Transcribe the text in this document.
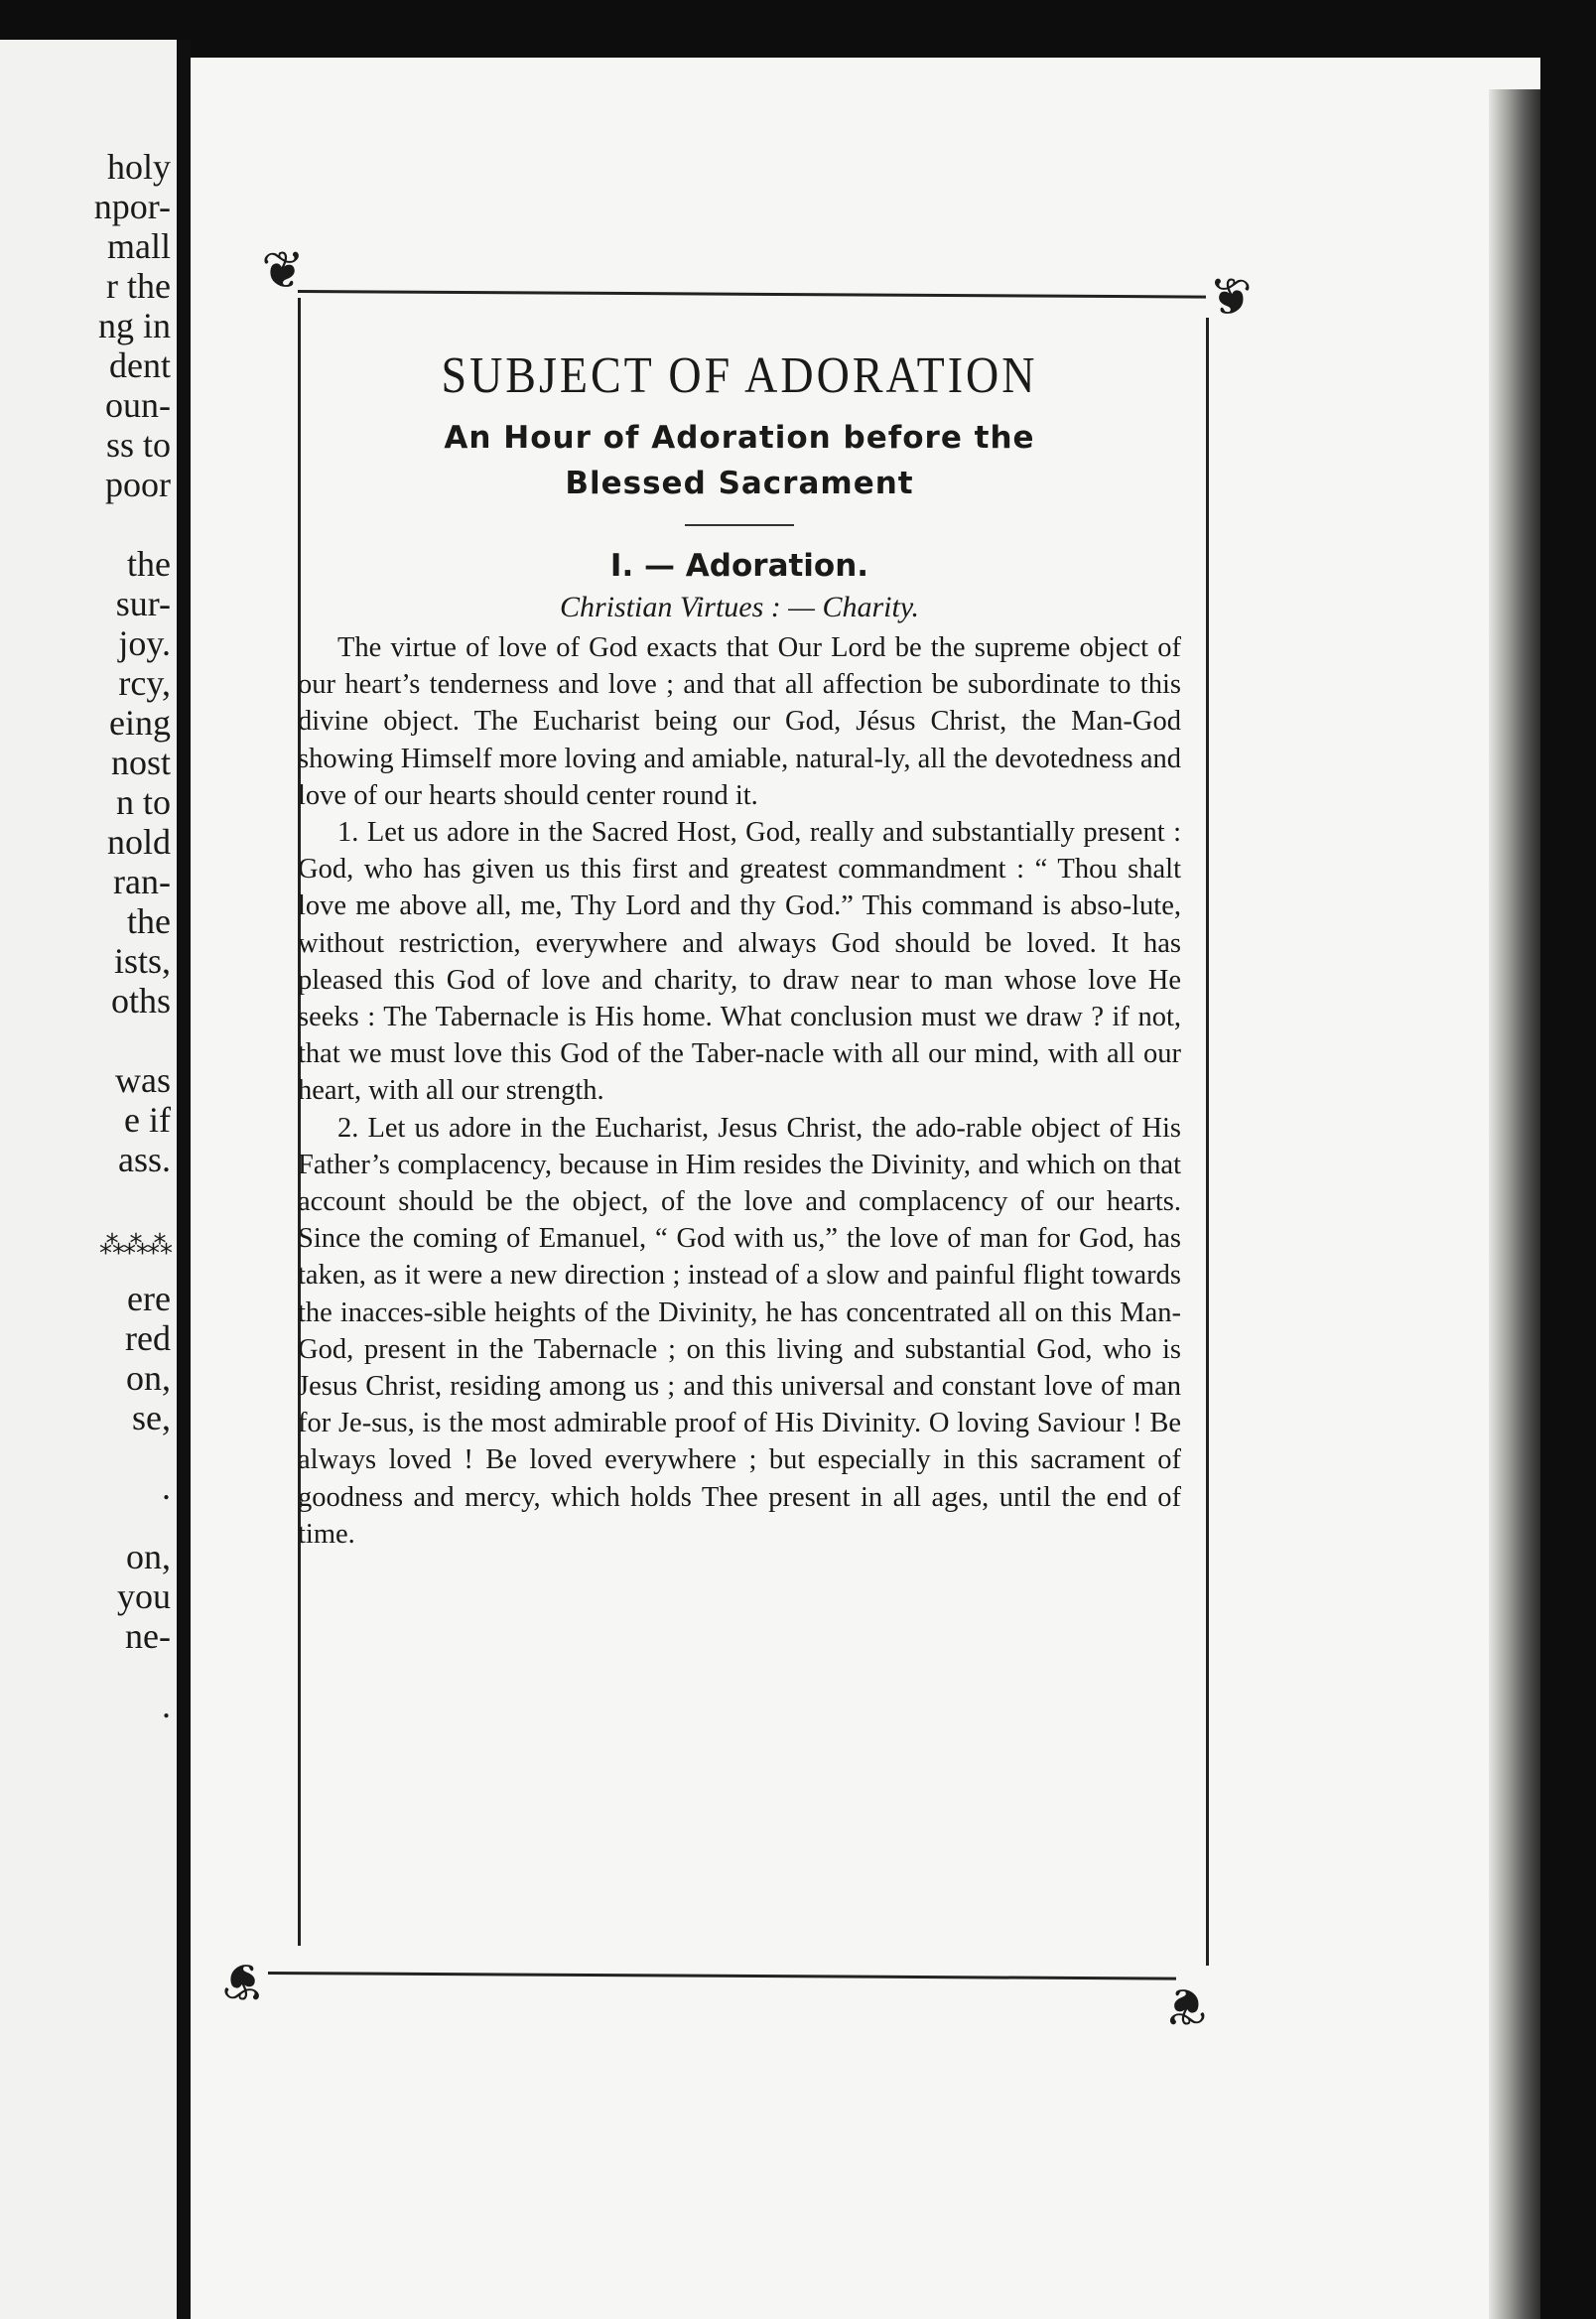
holy
npor-
mall
r the
ng in
dent
oun-
ss to
poor
the
sur-
joy.
rcy,
eing
nost
n to
nold
ran-
the
ists,
oths
was
e if
ass.
ere
red
on,
se,
.
on,
you
ne-
.
⁂⁂⁂
❦	❦
❦	❦
SUBJECT OF ADORATION
An Hour of Adoration before the
Blessed Sacrament
I. — Adoration.
Christian Virtues : — Charity.

The virtue of love of God exacts that Our Lord be the supreme object of our heart’s tenderness and love ; and that all affection be subordinate to this divine object. The Eucharist being our God, Jésus Christ, the Man-God showing Himself more loving and amiable, natural-ly, all the devotedness and love of our hearts should center round it.

1. Let us adore in the Sacred Host, God, really and substantially present : God, who has given us this first and greatest commandment : “ Thou shalt love me above all, me, Thy Lord and thy God.” This command is abso-lute, without restriction, everywhere and always God should be loved. It has pleased this God of love and charity, to draw near to man whose love He seeks : The Tabernacle is His home. What conclusion must we draw ? if not, that we must love this God of the Taber-nacle with all our mind, with all our heart, with all our strength.

2. Let us adore in the Eucharist, Jesus Christ, the ado-rable object of His Father’s complacency, because in Him resides the Divinity, and which on that account should be the object, of the love and complacency of our hearts. Since the coming of Emanuel, “ God with us,” the love of man for God, has taken, as it were a new direction ; instead of a slow and painful flight towards the inacces-sible heights of the Divinity, he has concentrated all on this Man-God, present in the Tabernacle ; on this living and substantial God, who is Jesus Christ, residing among us ; and this universal and constant love of man for Je-sus, is the most admirable proof of His Divinity. O loving Saviour ! Be always loved ! Be loved everywhere ; but especially in this sacrament of goodness and mercy, which holds Thee present in all ages, until the end of time.
